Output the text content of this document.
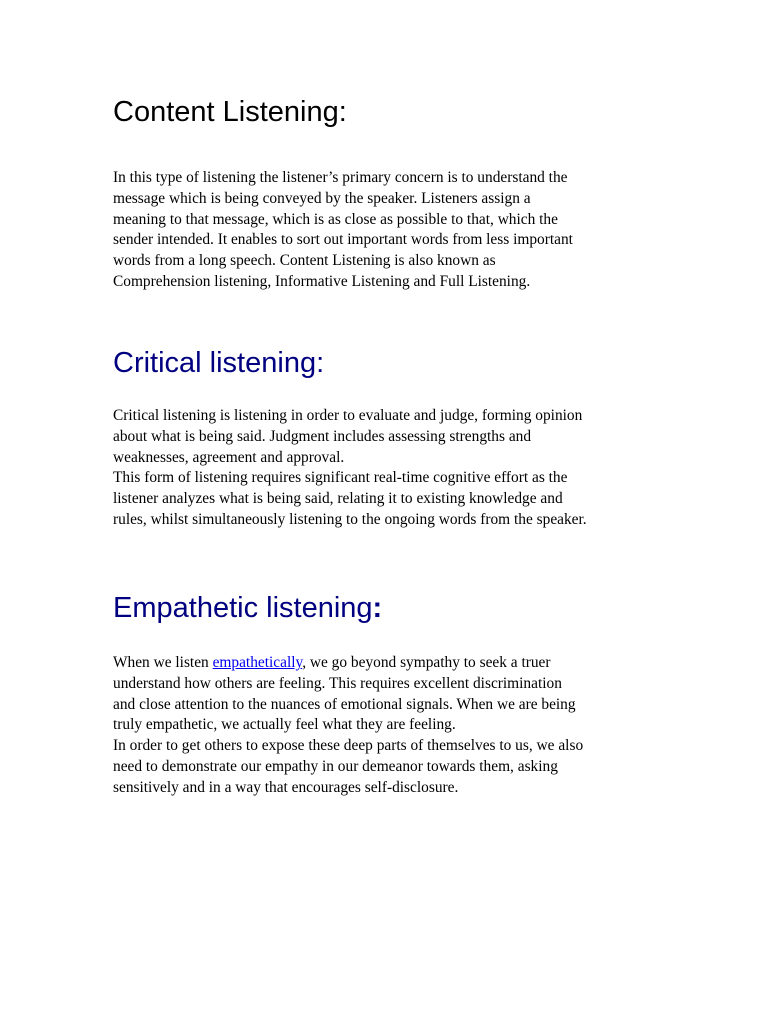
Content Listening:
In this type of listening the listener’s primary concern is to understand the
message which is being conveyed by the speaker. Listeners assign a
meaning to that message, which is as close as possible to that, which the
sender intended. It enables to sort out important words from less important
words from a long speech. Content Listening is also known as
Comprehension listening, Informative Listening and Full Listening.
Critical listening:
Critical listening is listening in order to evaluate and judge, forming opinion
about what is being said. Judgment includes assessing strengths and
weaknesses, agreement and approval.
This form of listening requires significant real-time cognitive effort as the
listener analyzes what is being said, relating it to existing knowledge and
rules, whilst simultaneously listening to the ongoing words from the speaker.
Empathetic listening:
When we listen empathetically, we go beyond sympathy to seek a truer
understand how others are feeling. This requires excellent discrimination
and close attention to the nuances of emotional signals. When we are being
truly empathetic, we actually feel what they are feeling.
In order to get others to expose these deep parts of themselves to us, we also
need to demonstrate our empathy in our demeanor towards them, asking
sensitively and in a way that encourages self-disclosure.
